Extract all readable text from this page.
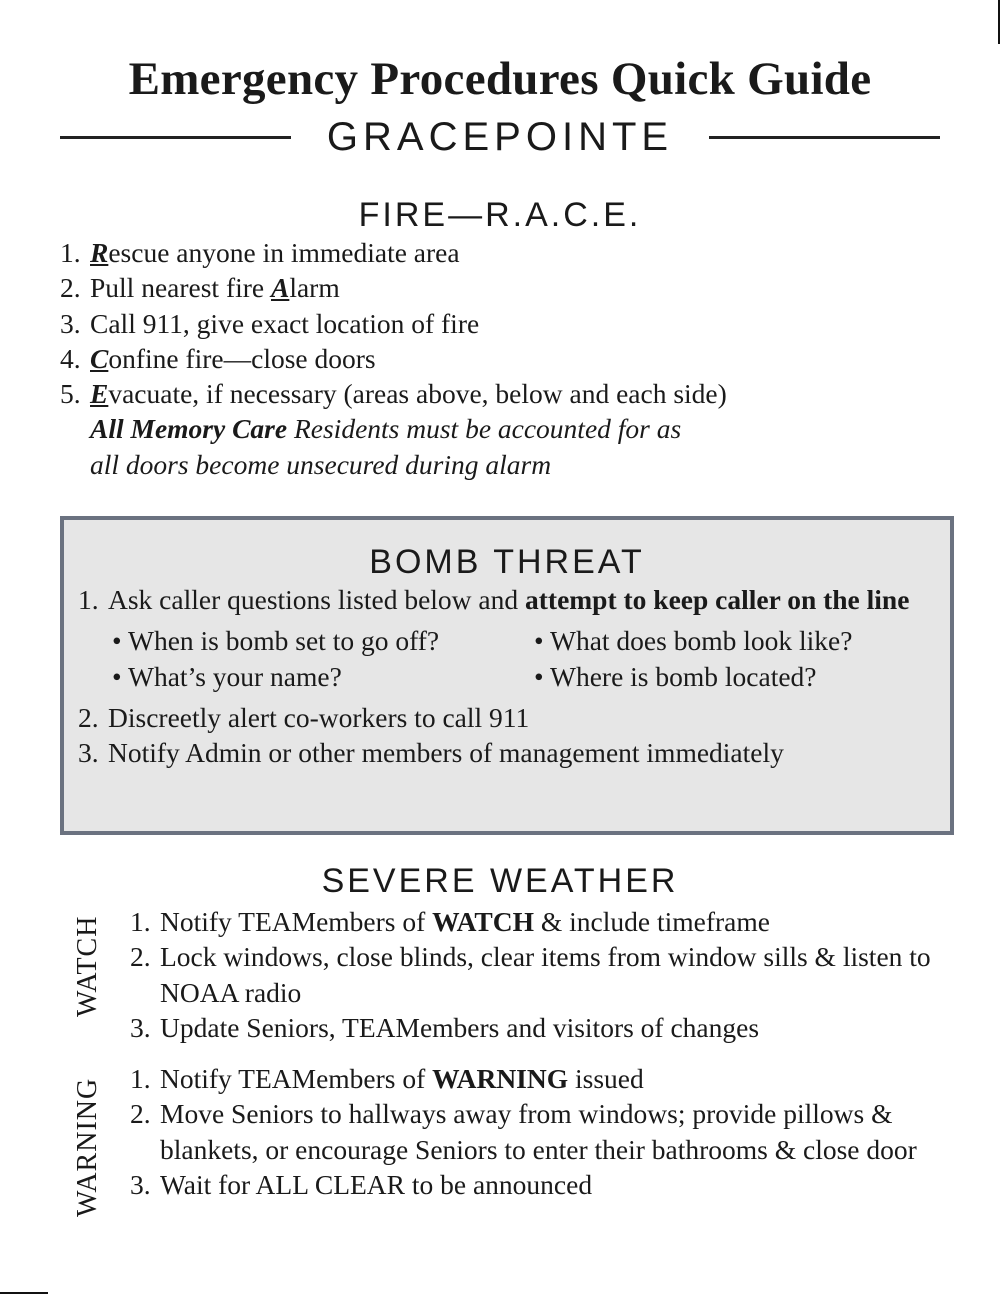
Emergency Procedures Quick Guide
GRACEPOINTE
FIRE—R.A.C.E.
1. Rescue anyone in immediate area
2. Pull nearest fire Alarm
3. Call 911, give exact location of fire
4. Confine fire—close doors
5. Evacuate, if necessary (areas above, below and each side)
All Memory Care Residents must be accounted for as
all doors become unsecured during alarm
BOMB THREAT
1. Ask caller questions listed below and attempt to keep caller on the line
• When is bomb set to go off?	• What does bomb look like?
• What’s your name?	• Where is bomb located?
2. Discreetly alert co-workers to call 911
3. Notify Admin or other members of management immediately
SEVERE WEATHER
WATCH 1. Notify TEAMembers of WATCH & include timeframe
2. Lock windows, close blinds, clear items from window sills & listen to NOAA radio
3. Update Seniors, TEAMembers and visitors of changes
WARNING 1. Notify TEAMembers of WARNING issued
2. Move Seniors to hallways away from windows; provide pillows & blankets, or encourage Seniors to enter their bathrooms & close door
3. Wait for ALL CLEAR to be announced
